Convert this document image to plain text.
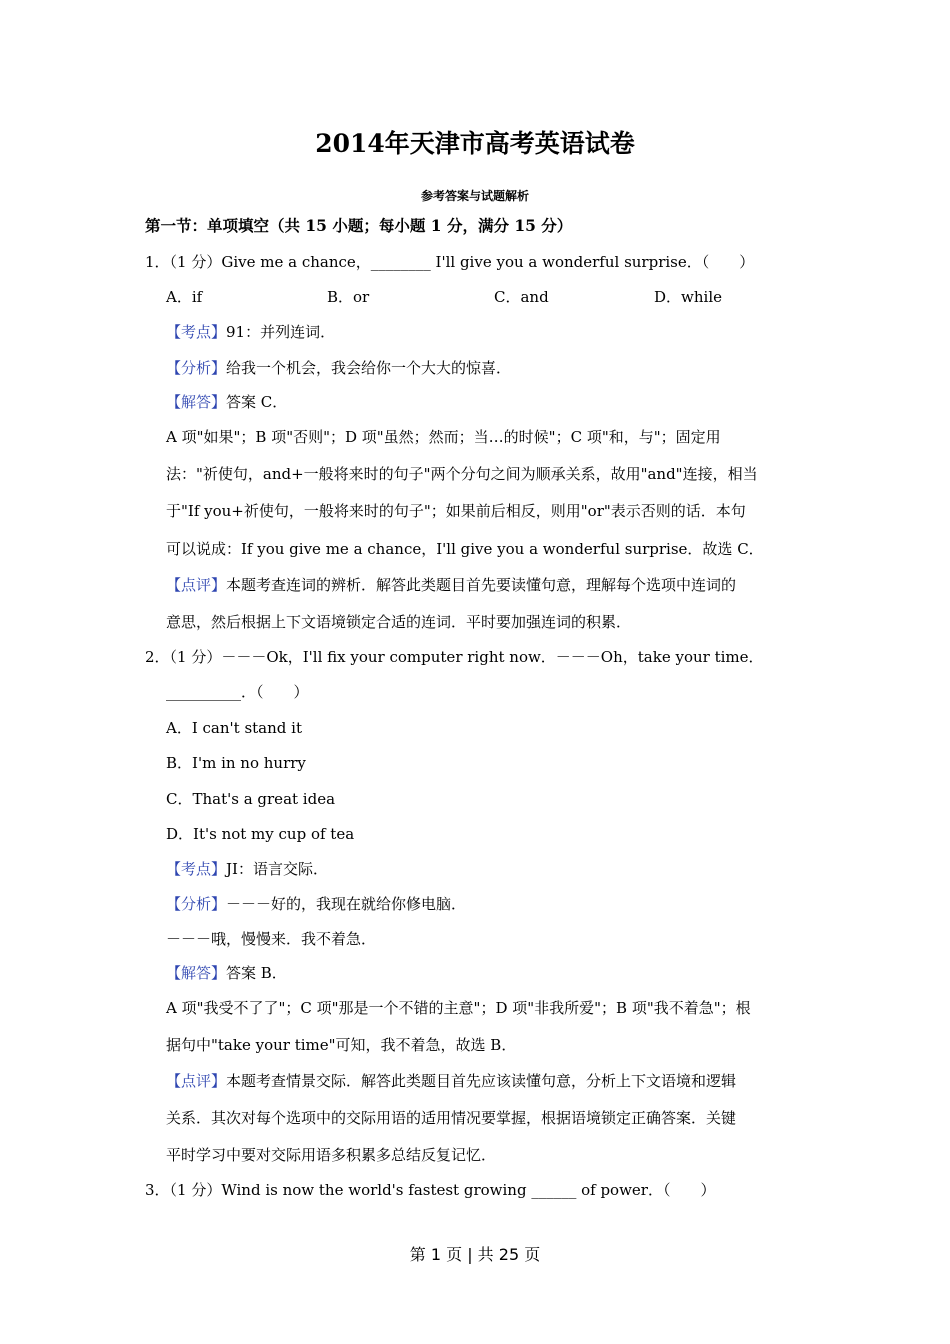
2014年天津市高考英语试卷
参考答案与试题解析
第一节：单项填空（共 15 小题；每小题 1 分，满分 15 分）
1．（1 分）Give me a chance，________ I'll give you a wonderful surprise．（　　）
A．if	B．or	C．and	D．while
【考点】91：并列连词．
【分析】给我一个机会，我会给你一个大大的惊喜．
【解答】答案 C．
A 项"如果"；B 项"否则"；D 项"虽然；然而；当…的时候"；C 项"和，与"；固定用
法："祈使句，and+一般将来时的句子"两个分句之间为顺承关系，故用"and"连接，相当
于"If you+祈使句，一般将来时的句子"；如果前后相反，则用"or"表示否则的话．本句
可以说成：If you give me a chance，I'll give you a wonderful surprise．故选 C．
【点评】本题考查连词的辨析．解答此类题目首先要读懂句意，理解每个选项中连词的
意思，然后根据上下文语境锁定合适的连词．平时要加强连词的积累．
2．（1 分）－－－Ok，I'll fix your computer right now．－－－Oh，take your time．
__________．（　　）
A．I can't stand it
B．I'm in no hurry
C．That's a great idea
D．It's not my cup of tea
【考点】JI：语言交际．
【分析】－－－好的，我现在就给你修电脑．
－－－哦，慢慢来．我不着急．
【解答】答案 B．
A 项"我受不了了"；C 项"那是一个不错的主意"；D 项"非我所爱"；B 项"我不着急"；根
据句中"take your time"可知，我不着急，故选 B．
【点评】本题考查情景交际．解答此类题目首先应该读懂句意，分析上下文语境和逻辑
关系．其次对每个选项中的交际用语的适用情况要掌握，根据语境锁定正确答案．关键
平时学习中要对交际用语多积累多总结反复记忆．
3．（1 分）Wind is now the world's fastest growing ______ of power．（　　）
第 1 页 | 共 25 页
